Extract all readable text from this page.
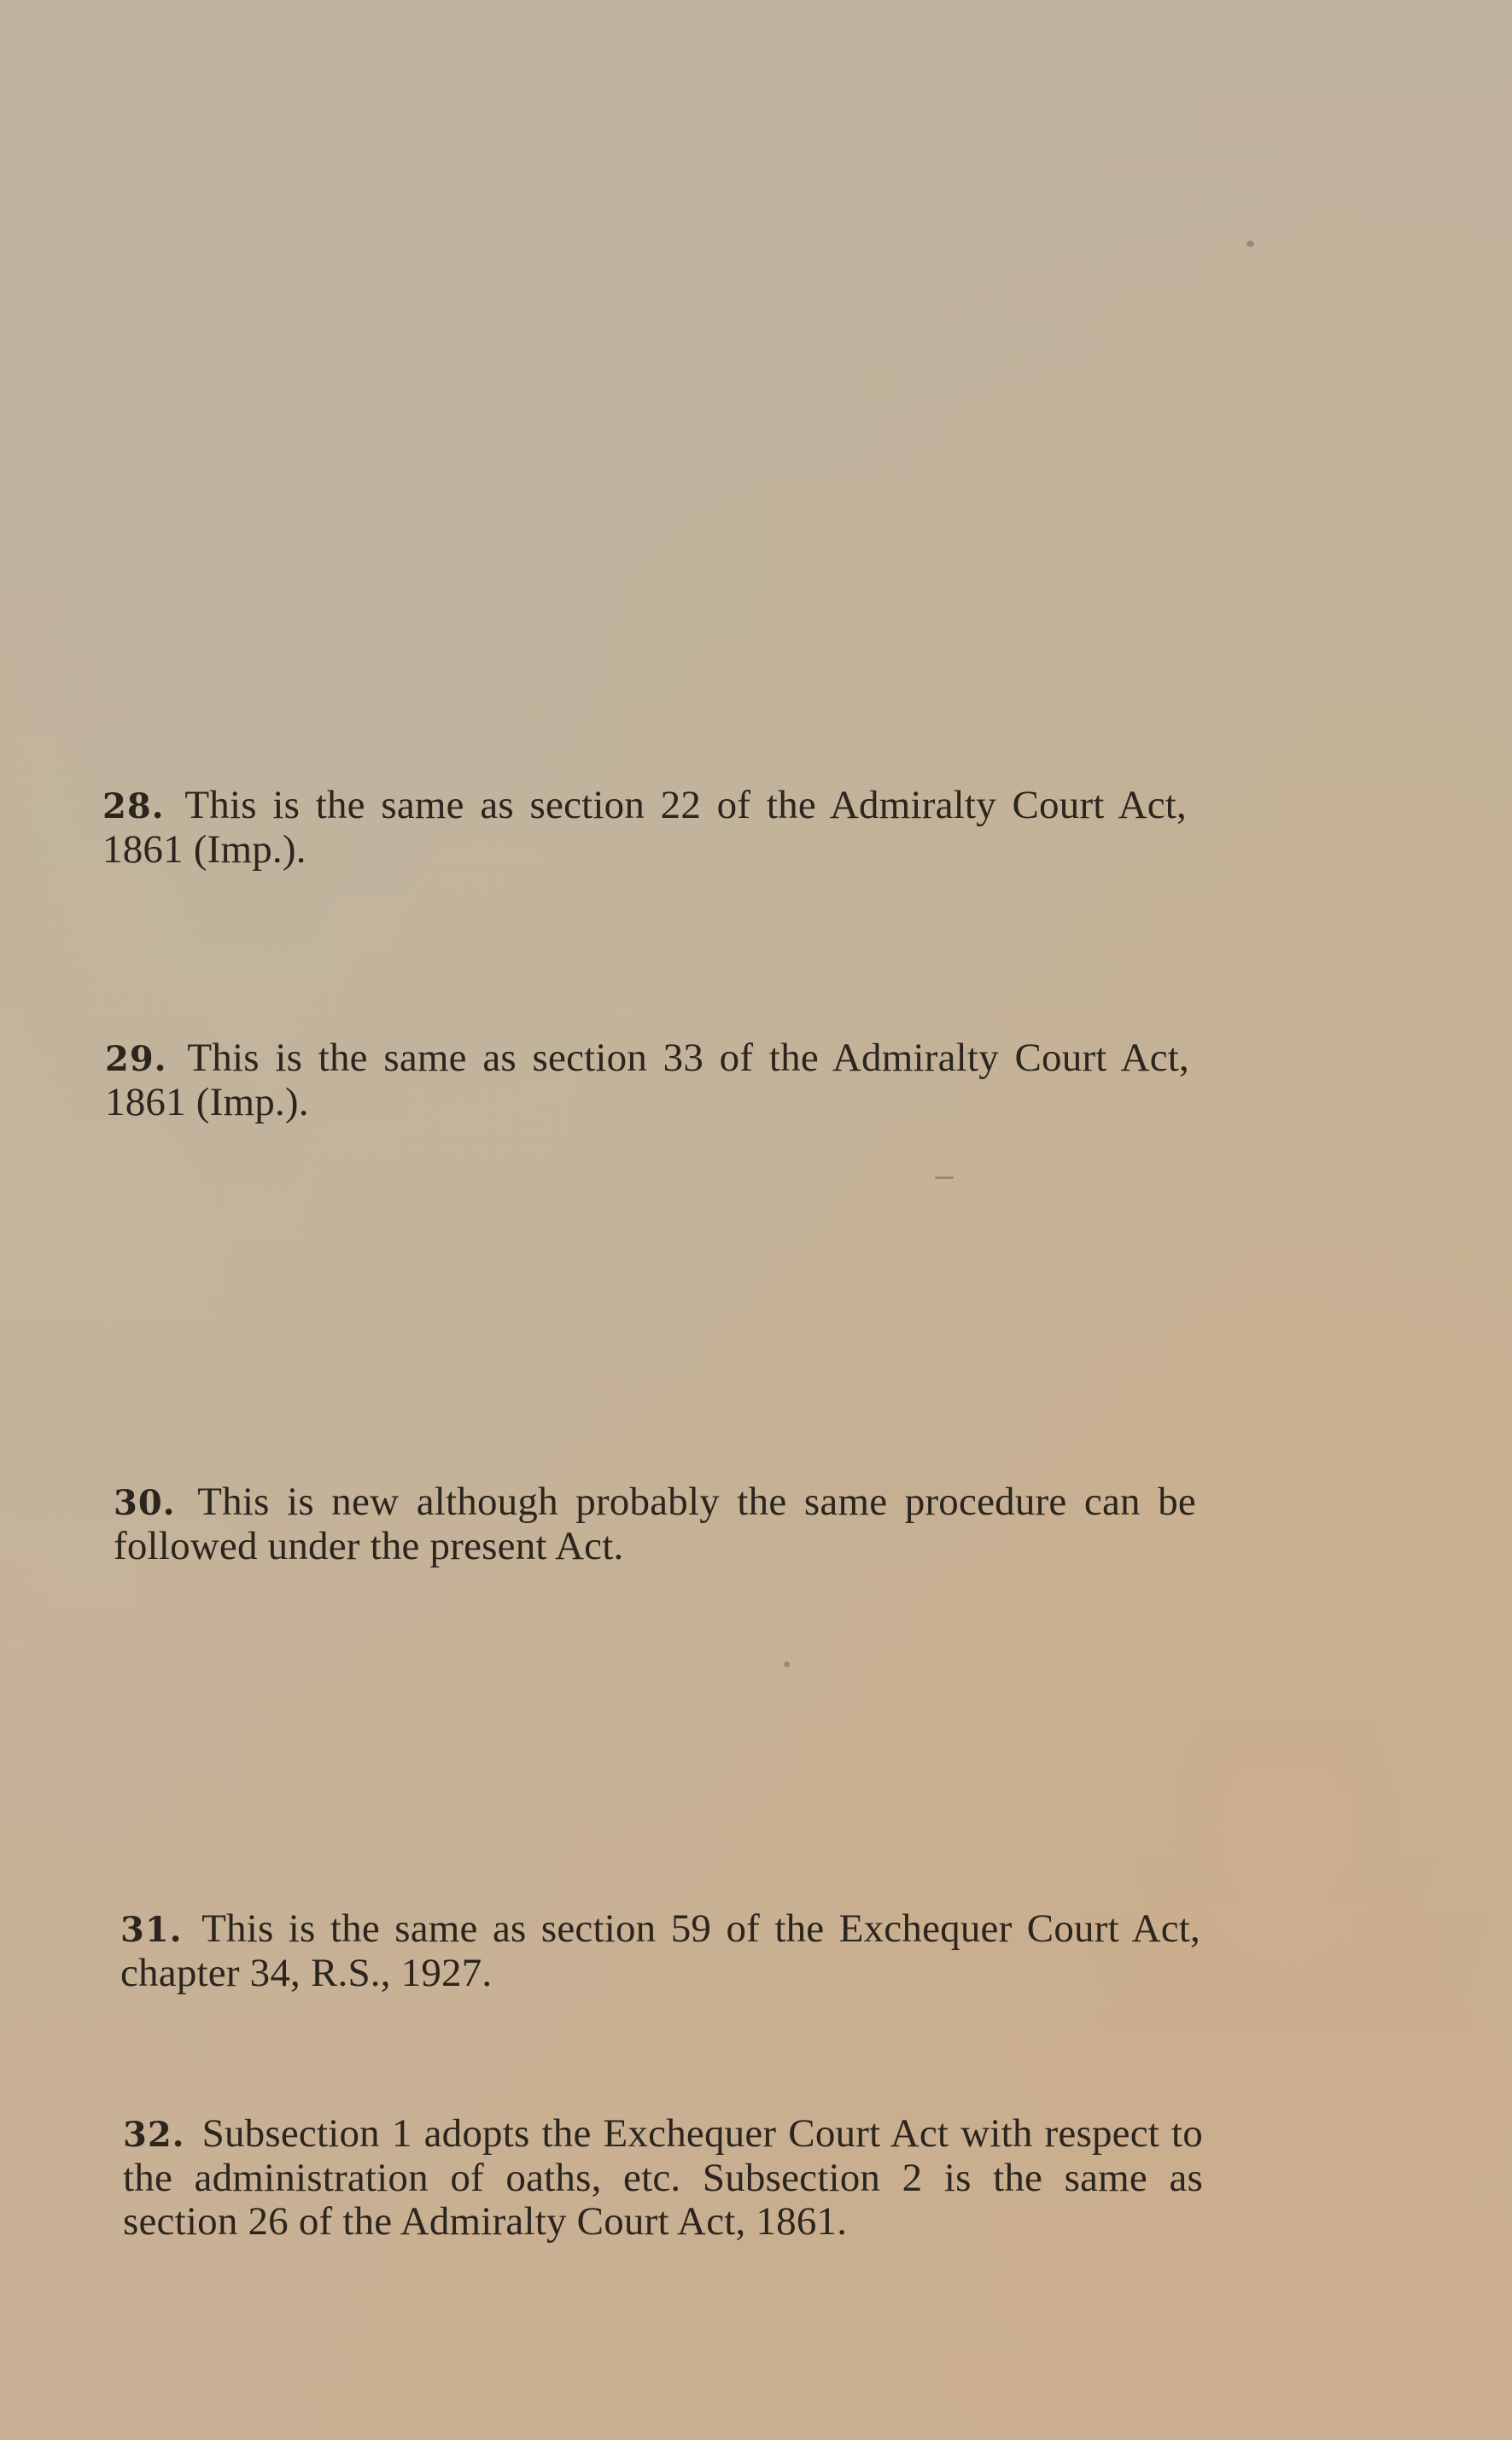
28. This is the same as section 22 of the Admiralty Court Act, 1861 (Imp.).
29. This is the same as section 33 of the Admiralty Court Act, 1861 (Imp.).
30. This is new although probably the same procedure can be followed under the present Act.
31. This is the same as section 59 of the Exchequer Court Act, chapter 34, R.S., 1927.
32. Subsection 1 adopts the Exchequer Court Act with respect to the administration of oaths, etc. Subsection 2 is the same as section 26 of the Admiralty Court Act, 1861.
